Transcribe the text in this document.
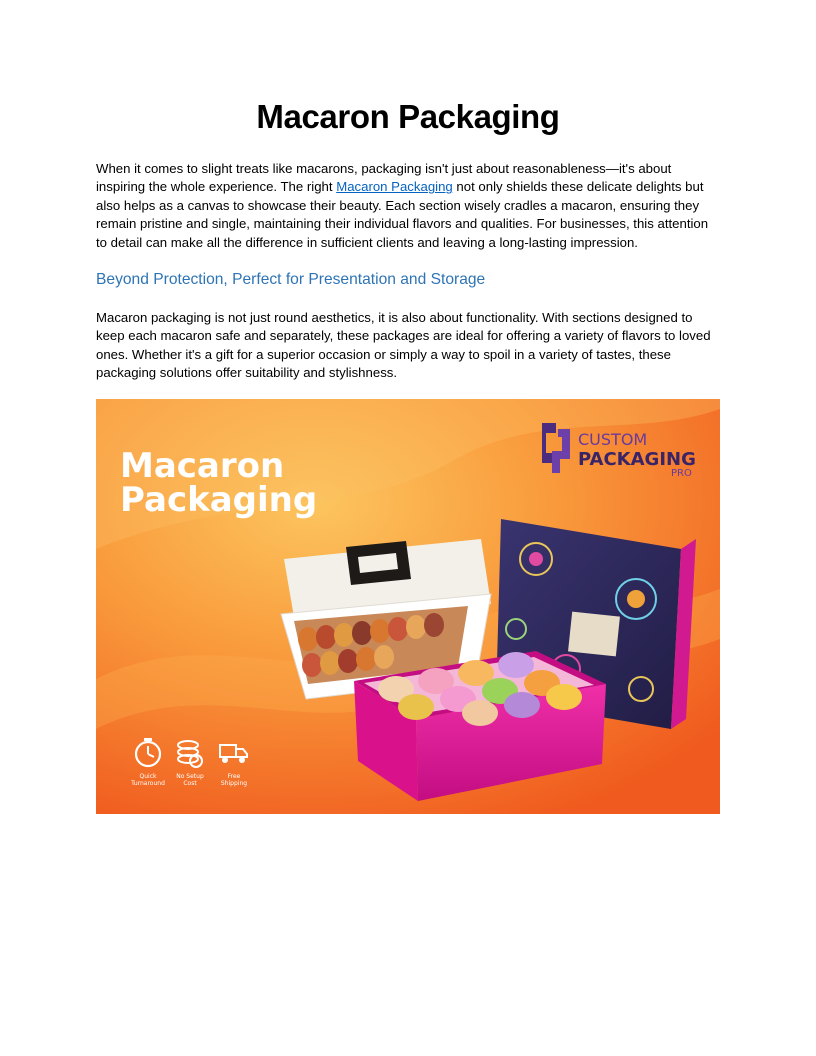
Macaron Packaging

When it comes to slight treats like macarons, packaging isn't just about reasonableness—it's about inspiring the whole experience. The right Macaron Packaging not only shields these delicate delights but also helps as a canvas to showcase their beauty. Each section wisely cradles a macaron, ensuring they remain pristine and single, maintaining their individual flavors and qualities. For businesses, this attention to detail can make all the difference in sufficient clients and leaving a long-lasting impression.

Beyond Protection, Perfect for Presentation and Storage

Macaron packaging is not just round aesthetics, it is also about functionality. With sections designed to keep each macaron safe and separately, these packages are ideal for offering a variety of flavors to loved ones. Whether it's a gift for a superior occasion or simply a way to spoil in a variety of tastes, these packaging solutions offer suitability and stylishness.

Macaron
Packaging
CUSTOM
PACKAGING
PRO
Quick
Turnaround
No Setup
Cost
Free
Shipping
